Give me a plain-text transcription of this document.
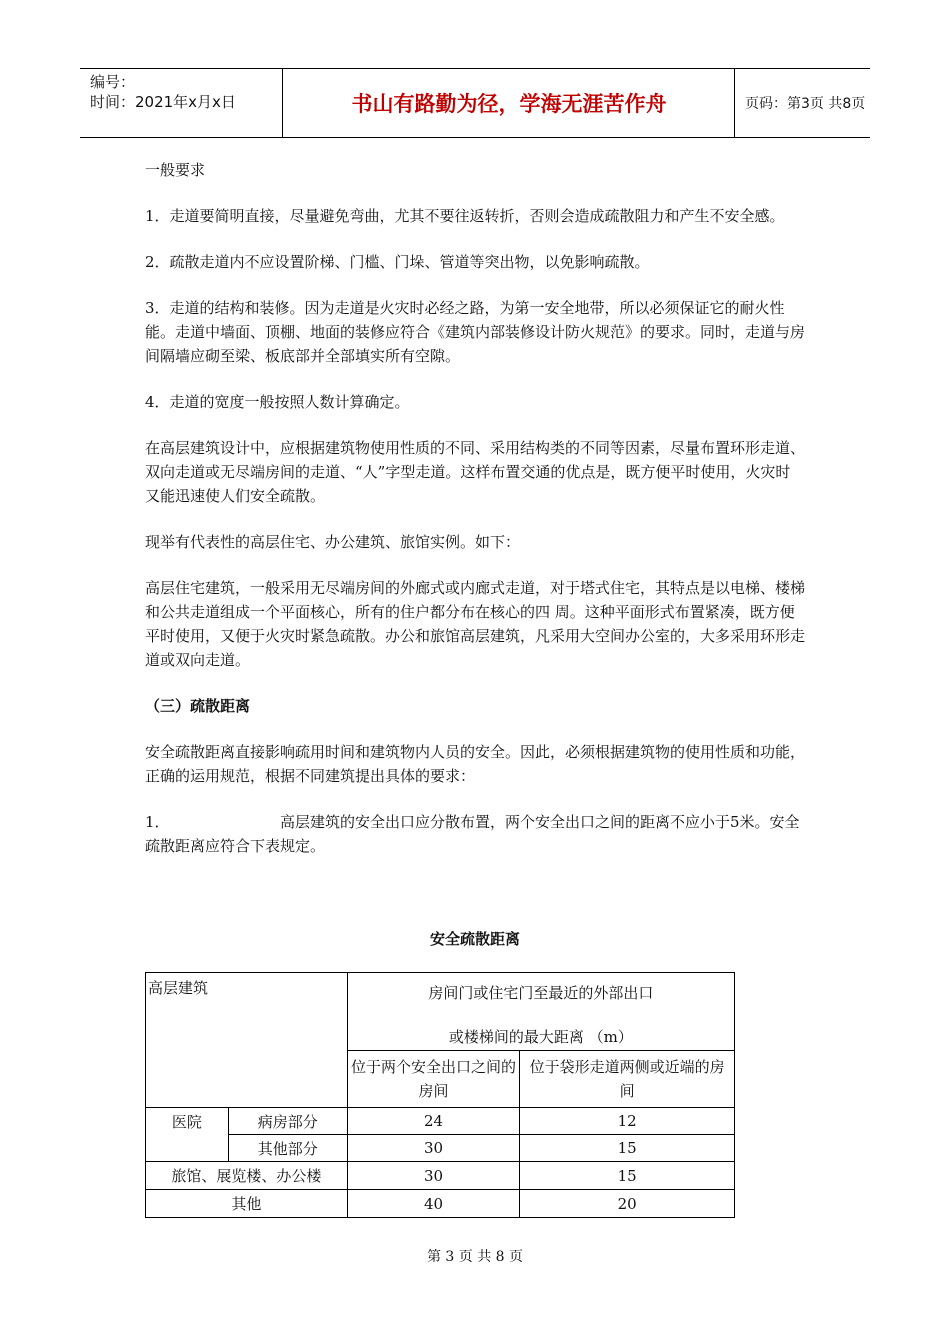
编号：
时间：2021年x月x日	书山有路勤为径，学海无涯苦作舟	页码：第3页 共8页

一般要求

1．走道要简明直接，尽量避免弯曲，尤其不要往返转折，否则会造成疏散阻力和产生不安全感。

2．疏散走道内不应设置阶梯、门槛、门垛、管道等突出物，以免影响疏散。

3．走道的结构和装修。因为走道是火灾时必经之路，为第一安全地带，所以必须保证它的耐火性能。走道中墙面、顶棚、地面的装修应符合《建筑内部装修设计防火规范》的要求。同时，走道与房间隔墙应砌至梁、板底部并全部填实所有空隙。

4．走道的宽度一般按照人数计算确定。

在高层建筑设计中，应根据建筑物使用性质的不同、采用结构类的不同等因素，尽量布置环形走道、双向走道或无尽端房间的走道、“人”字型走道。这样布置交通的优点是，既方便平时使用，火灾时又能迅速使人们安全疏散。

现举有代表性的高层住宅、办公建筑、旅馆实例。如下：

高层住宅建筑，一般采用无尽端房间的外廊式或内廊式走道，对于塔式住宅，其特点是以电梯、楼梯和公共走道组成一个平面核心，所有的住户都分布在核心的四 周。这种平面形式布置紧凑，既方便平时使用，又便于火灾时紧急疏散。办公和旅馆高层建筑，凡采用大空间办公室的，大多采用环形走道或双向走道。

（三）疏散距离

安全疏散距离直接影响疏用时间和建筑物内人员的安全。因此，必须根据建筑物的使用性质和功能，正确的运用规范，根据不同建筑提出具体的要求：

1．	高层建筑的安全出口应分散布置，两个安全出口之间的距离不应小于5米。安全疏散距离应符合下表规定。

安全疏散距离
高层建筑		房间门或住宅门至最近的外部出口
或楼梯间的最大距离 （m）	

		位于两个安全出口之间的房间	位于袋形走道两侧或近端的房间
医院	病房部分	24	12
	其他部分	30	15
旅馆、展览楼、办公楼		30	15
其他		40	20
第 3 页 共 8 页
